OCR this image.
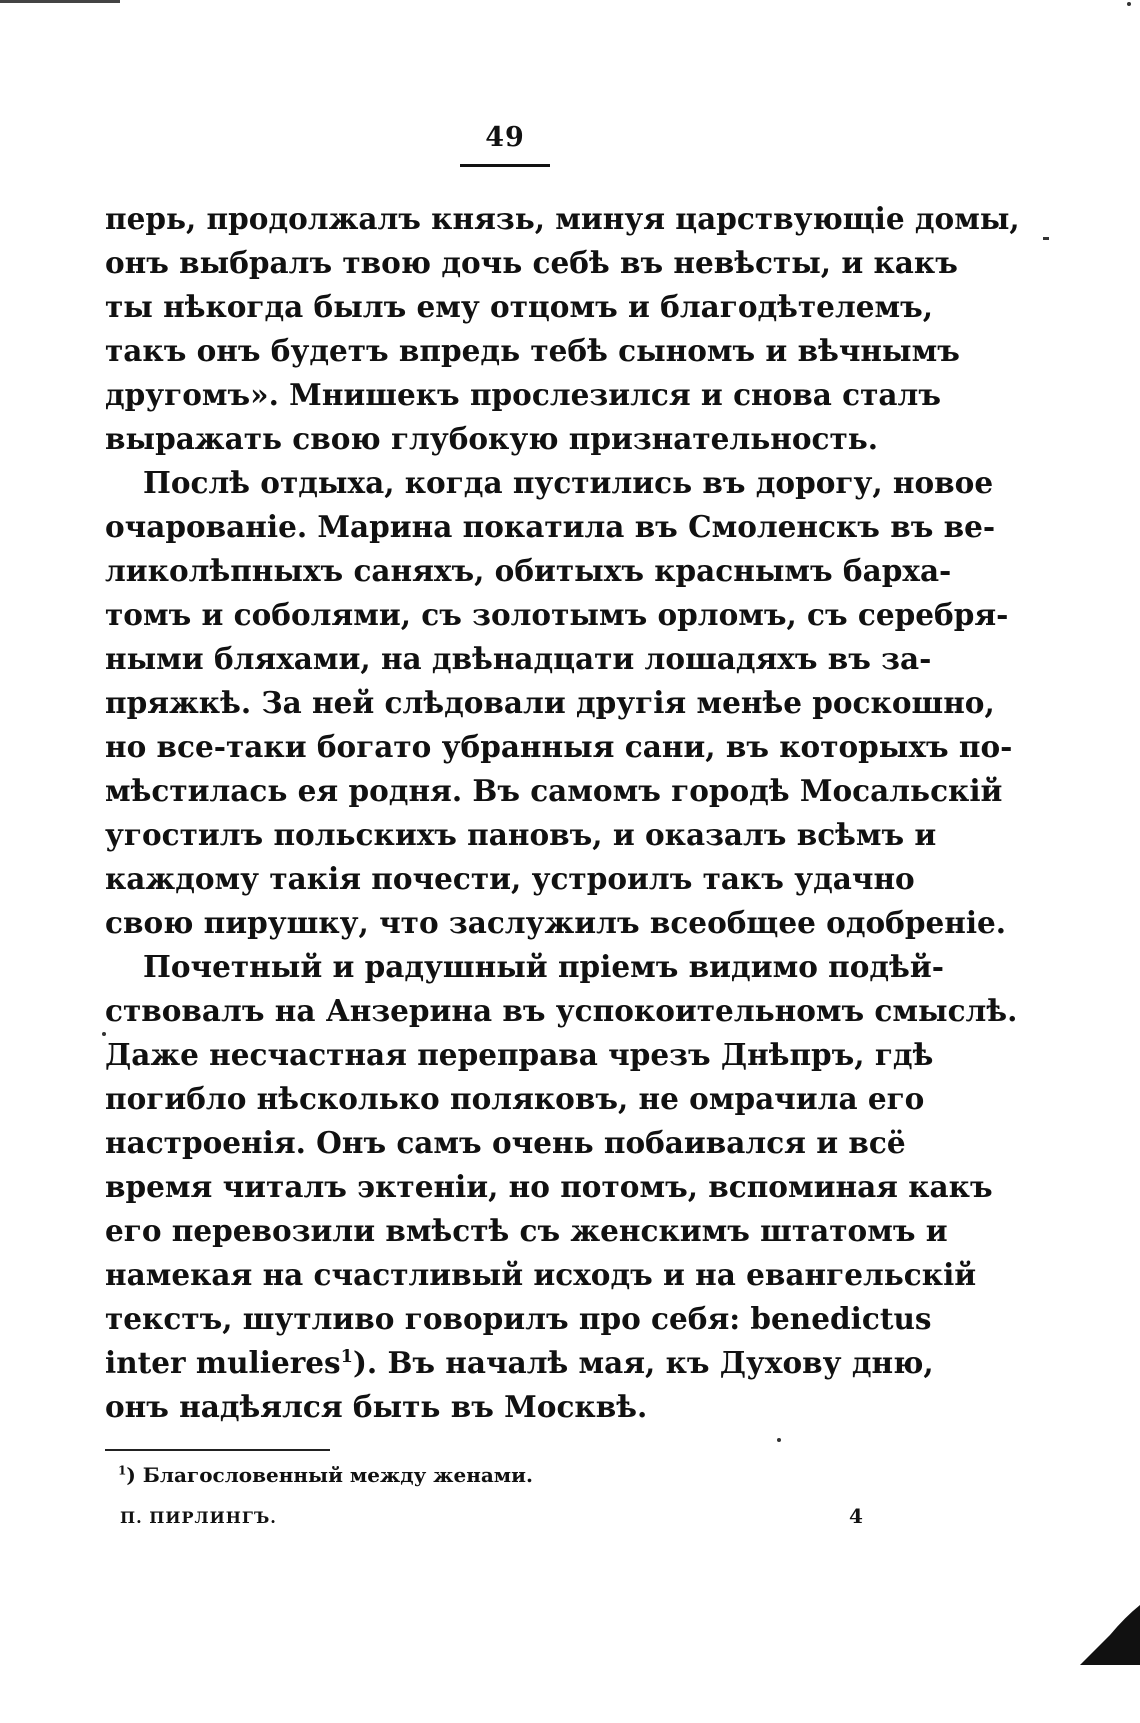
49
перь, продолжалъ князь, минуя царствующіе домы,
онъ выбралъ твою дочь себѣ въ невѣсты, и какъ
ты нѣкогда былъ ему отцомъ и благодѣтелемъ,
такъ онъ будетъ впредь тебѣ сыномъ и вѣчнымъ
другомъ». Мнишекъ прослезился и снова сталъ
выражать свою глубокую признательность.
Послѣ отдыха, когда пустились въ дорогу, новое
очарованіе. Марина покатила въ Смоленскъ въ ве-
ликолѣпныхъ саняхъ, обитыхъ краснымъ барха-
томъ и соболями, съ золотымъ орломъ, съ серебря-
ными бляхами, на двѣнадцати лошадяхъ въ за-
пряжкѣ. За ней слѣдовали другія менѣе роскошно,
но все-таки богато убранныя сани, въ которыхъ по-
мѣстилась ея родня. Въ самомъ городѣ Мосальскій
угостилъ польскихъ пановъ, и оказалъ всѣмъ и
каждому такія почести, устроилъ такъ удачно
свою пирушку, что заслужилъ всеобщее одобреніе.
Почетный и радушный пріемъ видимо подѣй-
ствовалъ на Анзерина въ успокоительномъ смыслѣ.
Даже несчастная переправа чрезъ Днѣпръ, гдѣ
погибло нѣсколько поляковъ, не омрачила его
настроенія. Онъ самъ очень побаивался и всё
время читалъ эктеніи, но потомъ, вспоминая какъ
его перевозили вмѣстѣ съ женскимъ штатомъ и
намекая на счастливый исходъ и на евангельскій
текстъ, шутливо говорилъ про себя: benedictus
inter mulieres$^1$). Въ началѣ мая, къ Духову дню,
онъ надѣялся быть въ Москвѣ.
$^1$) Благословенный между женами.
П. ПИРЛИНГЪ.	4
